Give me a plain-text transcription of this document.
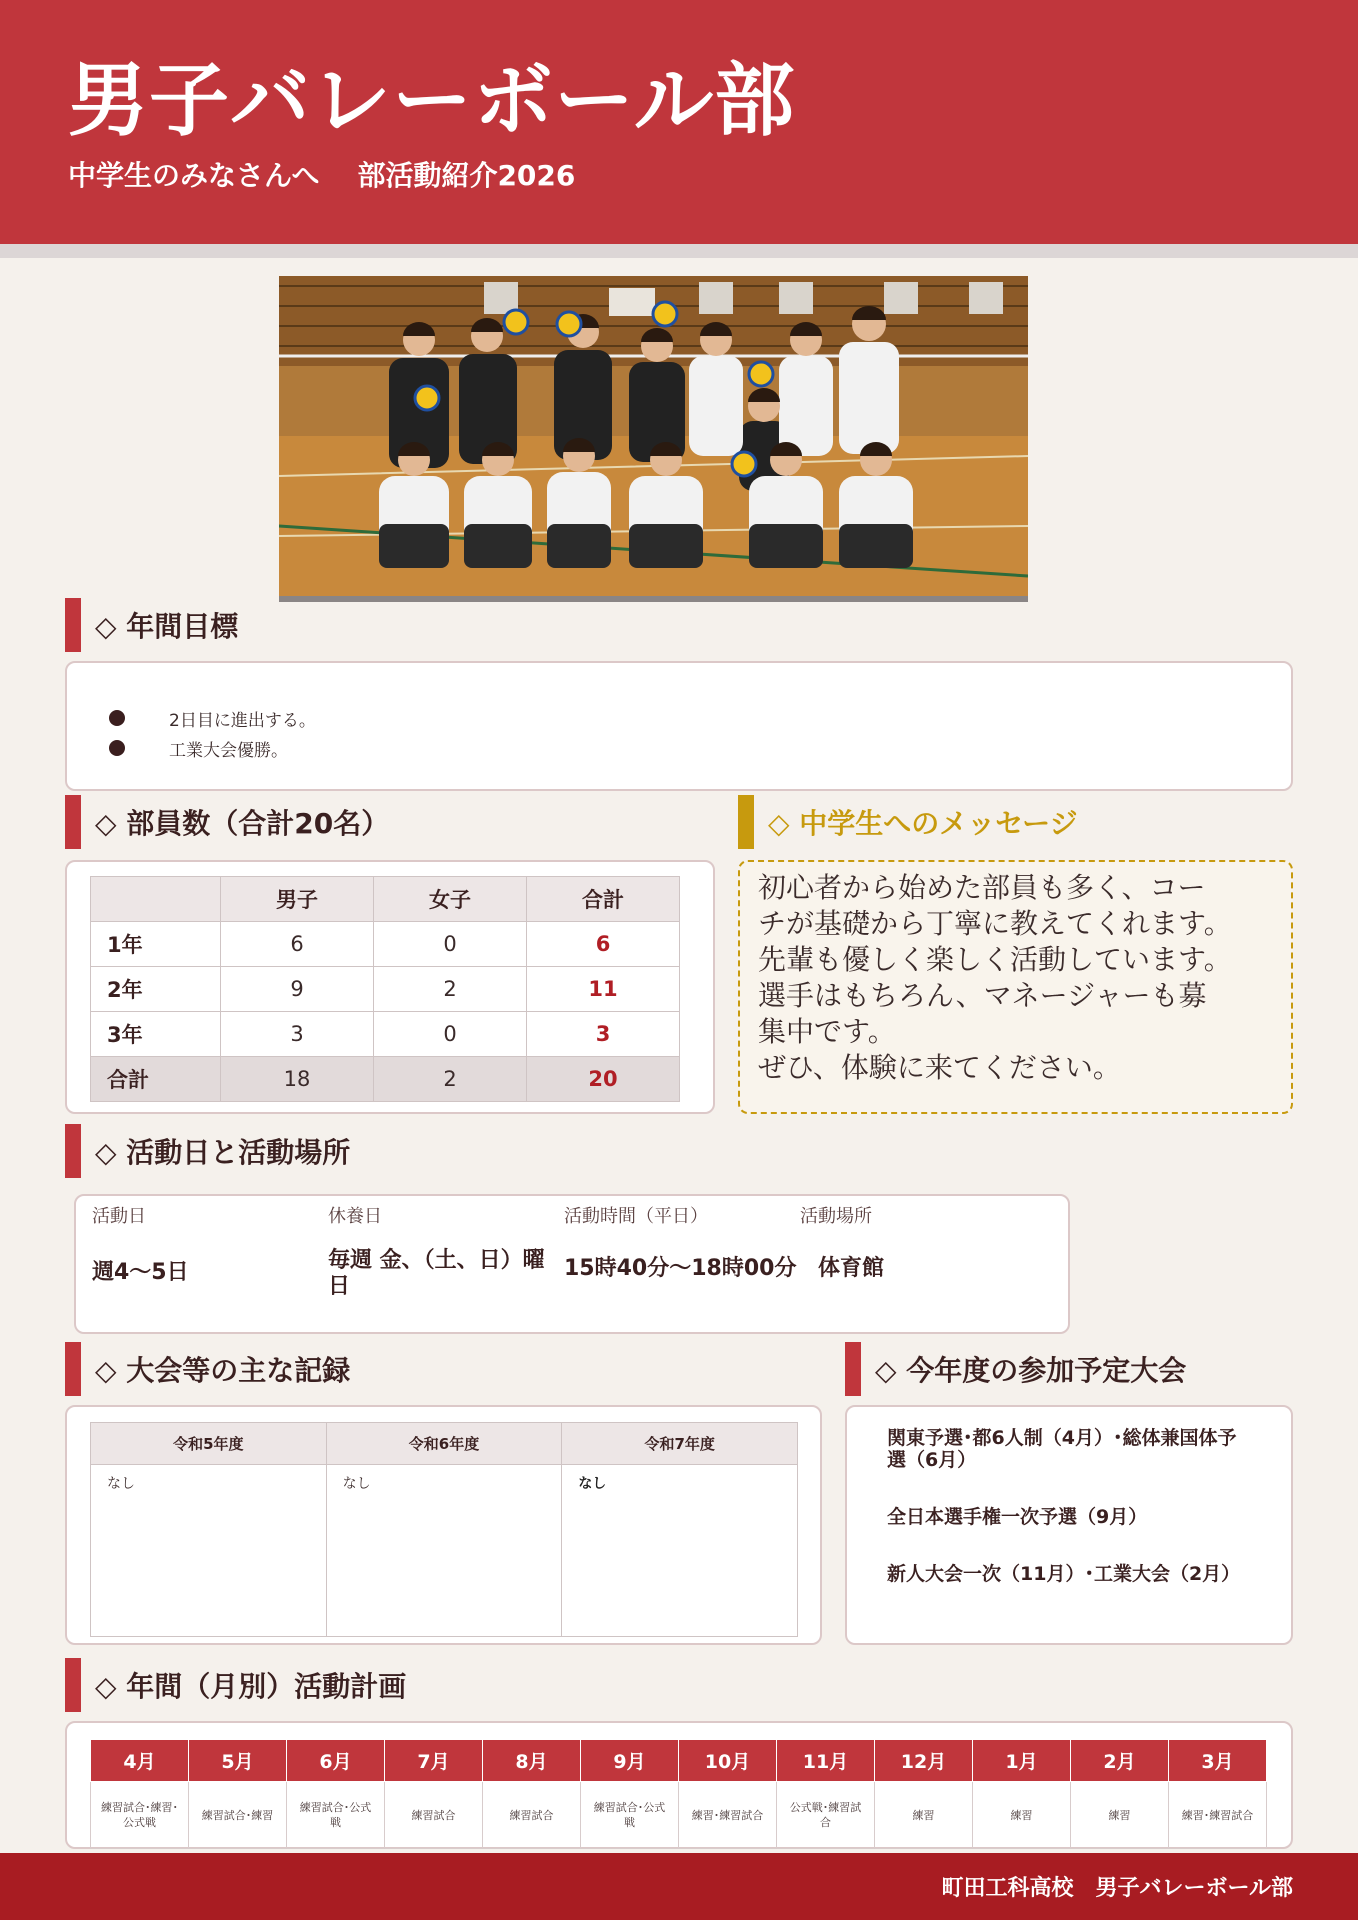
男子バレーボール部
中学生のみなさんへ 部活動紹介2026
◇ 年間目標
2日目に進出する。
工業大会優勝。
◇ 部員数（合計20名）
	男子	女子	合計
1年	6	0	6
2年	9	2	11
3年	3	0	3
合計	18	2	20
◇ 中学生へのメッセージ

初心者から始めた部員も多く、コー

チが基礎から丁寧に教えてくれます。

先輩も優しく楽しく活動しています。

選手はもちろん、マネージャーも募

集中です。

ぜひ、体験に来てください。

◇ 活動日と活動場所
活動日
週4～5日
休養日
毎週 金、（土、日）曜日
活動時間（平日）
15時40分～18時00分
活動場所
体育館
◇ 大会等の主な記録
令和5年度	令和6年度	令和7年度
なし	なし	なし
◇ 今年度の参加予定大会

関東予選･都6人制（4月）･総体兼国体予選（6月）

全日本選手権一次予選（9月）

新人大会一次（11月）･工業大会（2月）

◇ 年間（月別）活動計画
4月	5月	6月	7月	8月	9月	10月	11月	12月	1月	2月	3月
練習試合･練習･公式戦	練習試合･練習	練習試合･公式戦	練習試合	練習試合	練習試合･公式戦	練習･練習試合	公式戦･練習試合	練習	練習	練習	練習･練習試合
町田工科高校　男子バレーボール部
